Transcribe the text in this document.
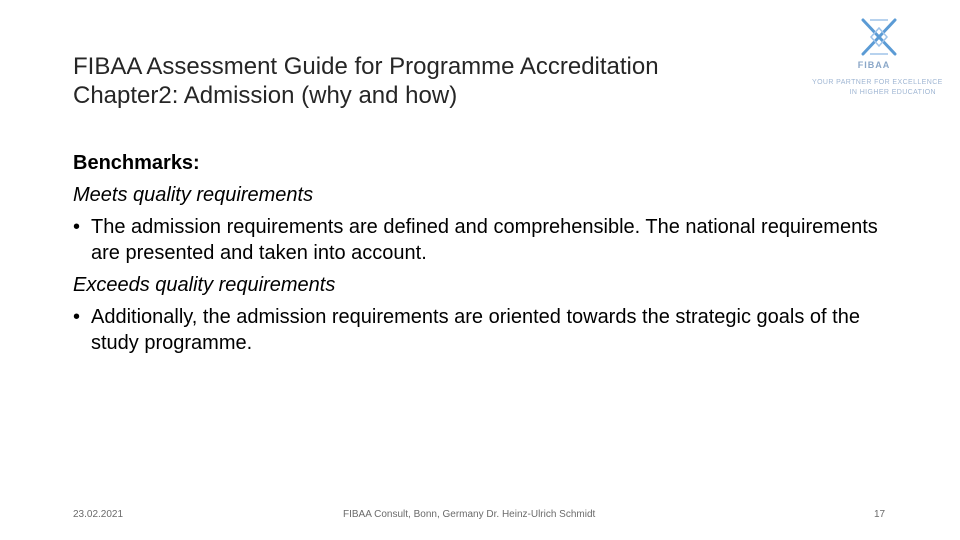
FIBAA Assessment Guide for Programme Accreditation
Chapter2: Admission (why and how)
FIBAA
YOUR PARTNER FOR EXCELLENCE
IN HIGHER EDUCATION
Benchmarks:
Meets quality requirements
• The admission requirements are defined and comprehensible. The national requirements are presented and taken into account.
Exceeds quality requirements
• Additionally, the admission requirements are oriented towards the strategic goals of the study programme.
23.02.2021	FIBAA Consult, Bonn, Germany Dr. Heinz-Ulrich Schmidt	17
